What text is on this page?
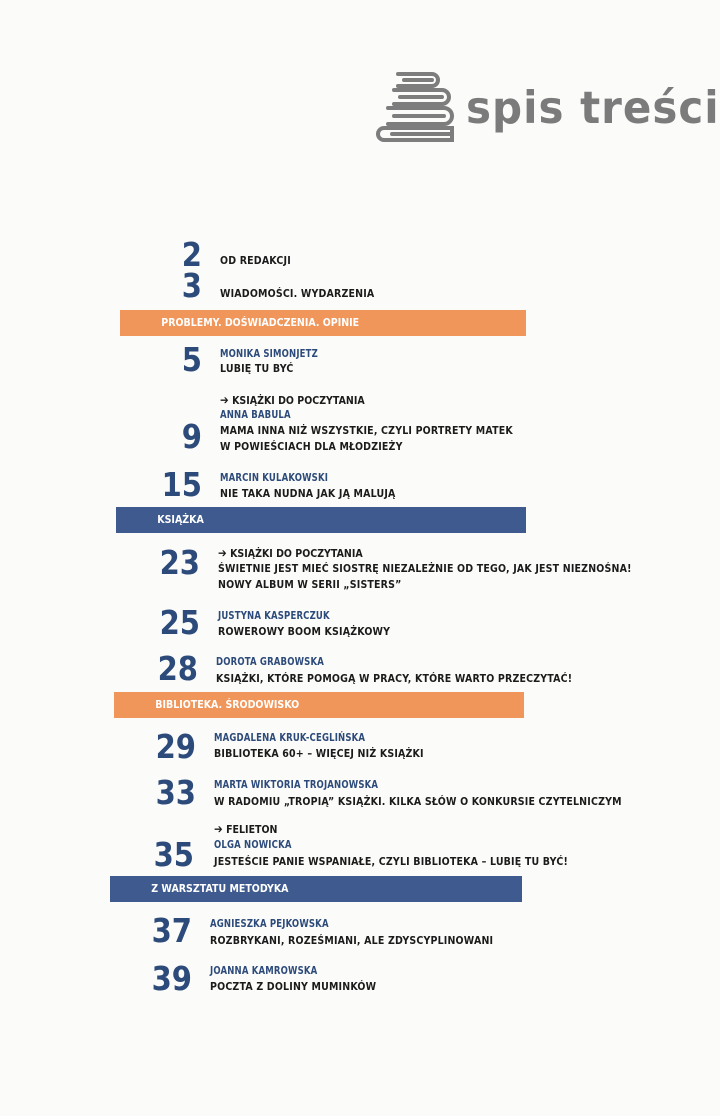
spis treści
2 OD REDAKCJI
3 WIADOMOŚCI. WYDARZENIA
PROBLEMY. DOŚWIADCZENIA. OPINIE
5 MONIKA SIMONJETZ
LUBIĘ TU BYĆ
➔ KSIĄŻKI DO POCZYTANIA
ANNA BABULA
9 MAMA INNA NIŻ WSZYSTKIE, CZYLI PORTRETY MATEK
W POWIEŚCIACH DLA MŁODZIEŻY
15 MARCIN KULAKOWSKI
NIE TAKA NUDNA JAK JĄ MALUJĄ
KSIĄŻKA
➔ KSIĄŻKI DO POCZYTANIA
23 ŚWIETNIE JEST MIEĆ SIOSTRĘ NIEZALEŻNIE OD TEGO, JAK JEST NIEZNOŚNA!
NOWY ALBUM W SERII „SISTERS”
25 JUSTYNA KASPERCZUK
ROWEROWY BOOM KSIĄŻKOWY
28 DOROTA GRABOWSKA
KSIĄŻKI, KTÓRE POMOGĄ W PRACY, KTÓRE WARTO PRZECZYTAĆ!
BIBLIOTEKA. ŚRODOWISKO
29 MAGDALENA KRUK-CEGLIŃSKA
BIBLIOTEKA 60+ – WIĘCEJ NIŻ KSIĄŻKI
33 MARTA WIKTORIA TROJANOWSKA
W RADOMIU „TROPIĄ” KSIĄŻKI. KILKA SŁÓW O KONKURSIE CZYTELNICZYM
➔ FELIETON
OLGA NOWICKA
35 JESTEŚCIE PANIE WSPANIAŁE, CZYLI BIBLIOTEKA – LUBIĘ TU BYĆ!
Z WARSZTATU METODYKA
37 AGNIESZKA PEJKOWSKA
ROZBRYKANI, ROZEŚMIANI, ALE ZDYSCYPLINOWANI
39 JOANNA KAMROWSKA
POCZTA Z DOLINY MUMINKÓW
